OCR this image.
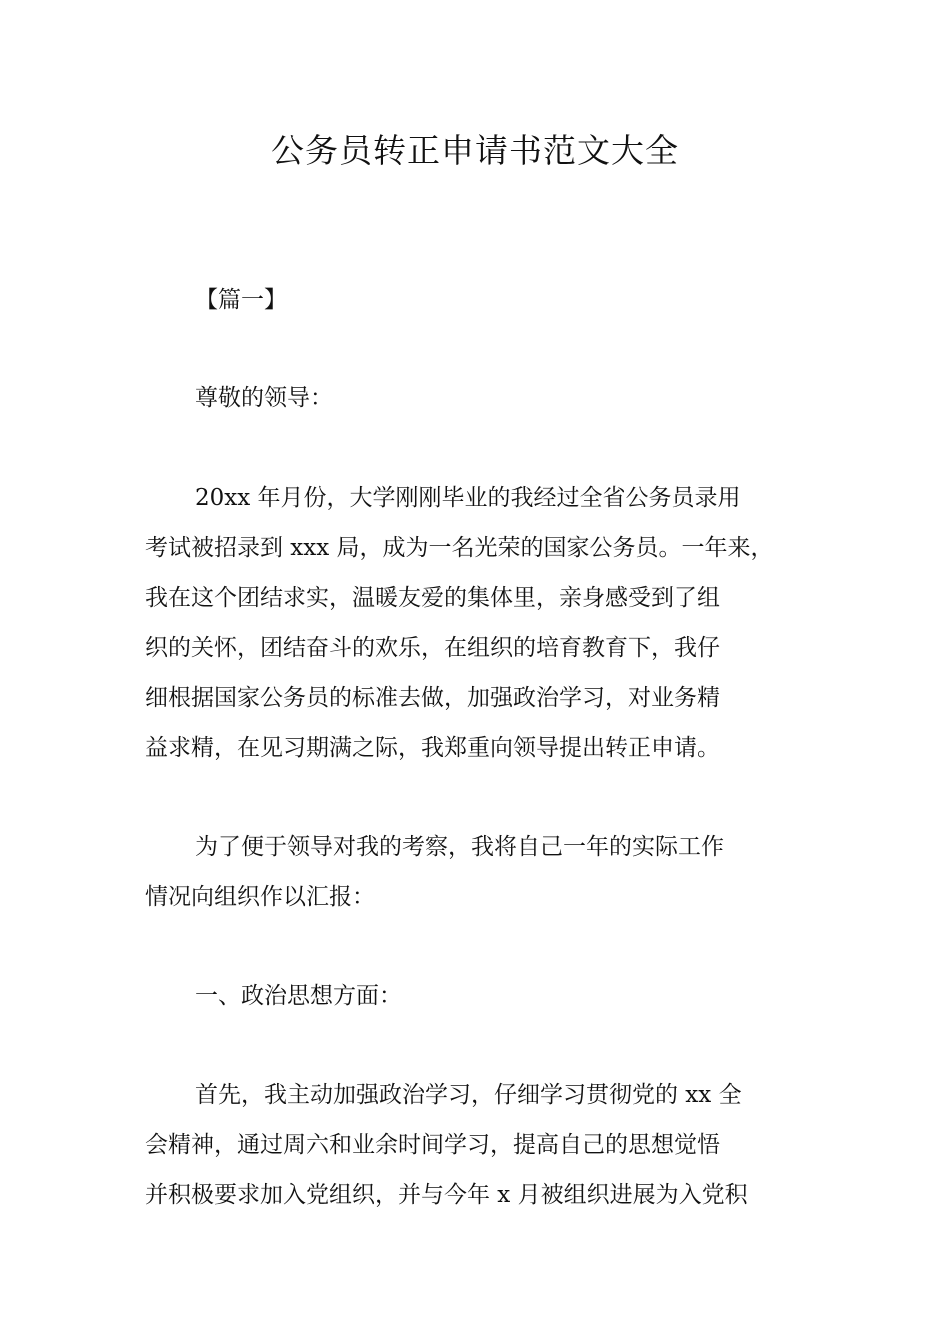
公务员转正申请书范文大全
【篇一】
尊敬的领导：
20xx 年月份，大学刚刚毕业的我经过全省公务员录用
考试被招录到 xxx 局，成为一名光荣的国家公务员。一年来，
我在这个团结求实，温暖友爱的集体里，亲身感受到了组
织的关怀，团结奋斗的欢乐，在组织的培育教育下，我仔
细根据国家公务员的标准去做，加强政治学习，对业务精
益求精，在见习期满之际，我郑重向领导提出转正申请。
为了便于领导对我的考察，我将自己一年的实际工作
情况向组织作以汇报：
一、政治思想方面：
首先，我主动加强政治学习，仔细学习贯彻党的 xx 全
会精神，通过周六和业余时间学习，提高自己的思想觉悟
并积极要求加入党组织，并与今年 x 月被组织进展为入党积
